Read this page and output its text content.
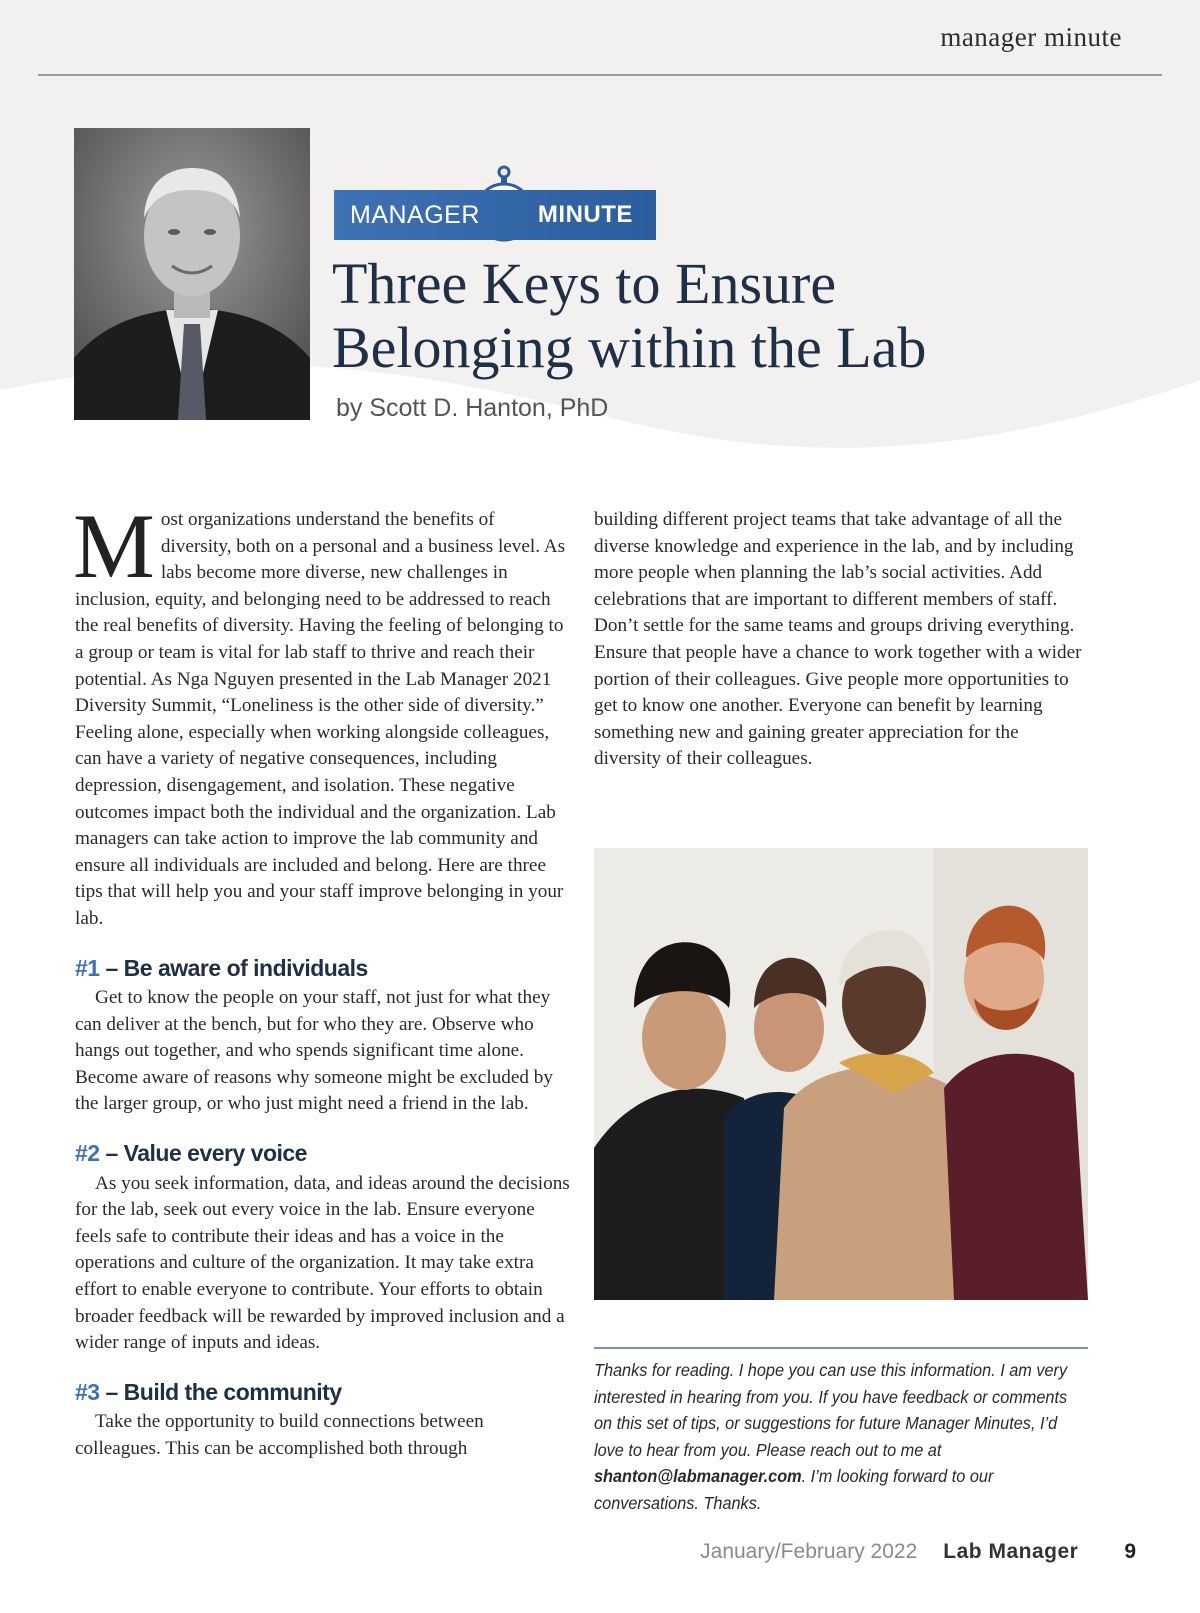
manager minute
MANAGER MINUTE
Three Keys to Ensure
Belonging within the Lab
by Scott D. Hanton, PhD

Most organizations understand the benefits of diversity, both on a personal and a business level. As labs become more diverse, new challenges in inclusion, equity, and belonging need to be addressed to reach the real benefits of diversity. Having the feeling of belonging to a group or team is vital for lab staff to thrive and reach their potential. As Nga Nguyen presented in the Lab Manager 2021 Diversity Summit, “Loneliness is the other side of diversity.” Feeling alone, especially when working alongside colleagues, can have a variety of negative consequences, including depression, disengagement, and isolation. These negative outcomes impact both the individual and the organization. Lab managers can take action to improve the lab community and ensure all individuals are included and belong. Here are three tips that will help you and your staff improve belonging in your lab.

#1 – Be aware of individuals

Get to know the people on your staff, not just for what they can deliver at the bench, but for who they are. Observe who hangs out together, and who spends significant time alone. Become aware of reasons why someone might be excluded by the larger group, or who just might need a friend in the lab.

#2 – Value every voice

As you seek information, data, and ideas around the decisions for the lab, seek out every voice in the lab. Ensure everyone feels safe to contribute their ideas and has a voice in the operations and culture of the organization. It may take extra effort to enable everyone to contribute. Your efforts to obtain broader feedback will be rewarded by improved inclusion and a wider range of inputs and ideas.

#3 – Build the community

Take the opportunity to build connections between colleagues. This can be accomplished both through

building different project teams that take advantage of all the diverse knowledge and experience in the lab, and by including more people when planning the lab’s social activities. Add celebrations that are important to different members of staff. Don’t settle for the same teams and groups driving everything. Ensure that people have a chance to work together with a wider portion of their colleagues. Give people more opportunities to get to know one another. Everyone can benefit by learning something new and gaining greater appreciation for the diversity of their colleagues.

Thanks for reading. I hope you can use this information. I am very interested in hearing from you. If you have feedback or comments on this set of tips, or suggestions for future Manager Minutes, I’d love to hear from you. Please reach out to me at shanton@labmanager.com. I’m looking forward to our conversations. Thanks.
January/February 2022 Lab Manager 9
